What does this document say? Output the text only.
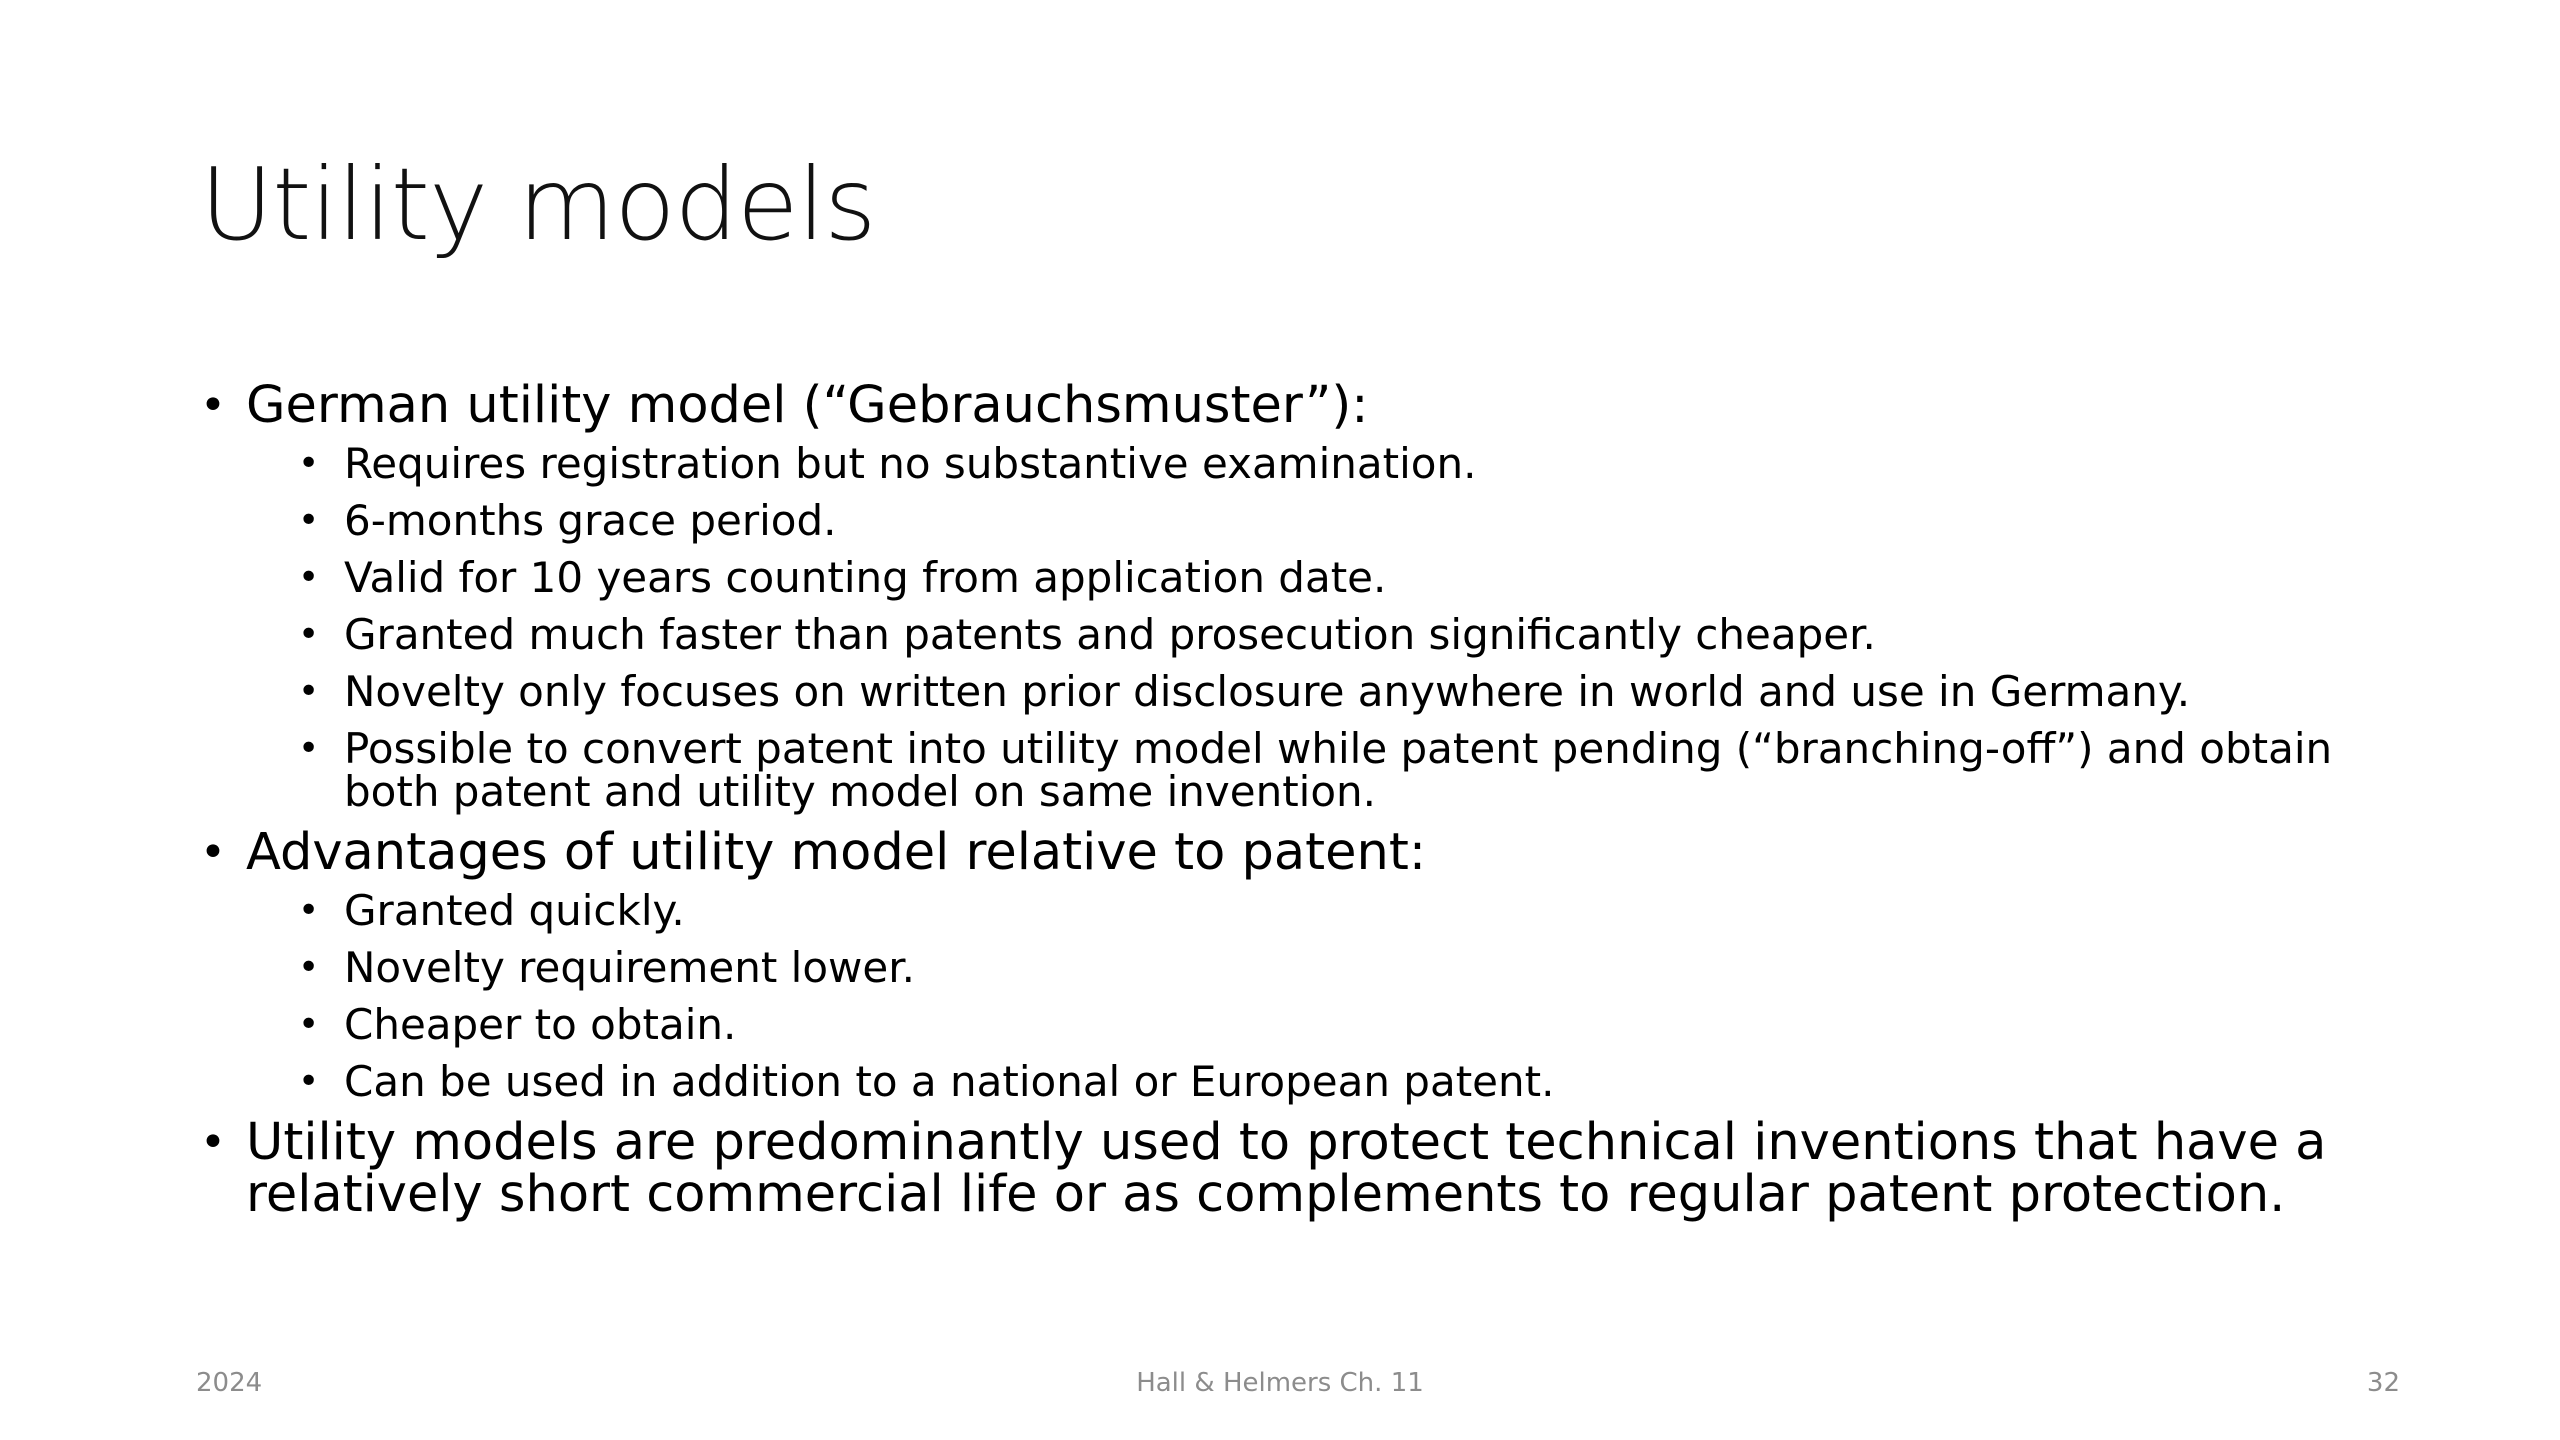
Utility models
• German utility model (“Gebrauchsmuster”):
• Requires registration but no substantive examination.
• 6-months grace period.
• Valid for 10 years counting from application date.
• Granted much faster than patents and prosecution significantly cheaper.
• Novelty only focuses on written prior disclosure anywhere in world and use in Germany.
• Possible to convert patent into utility model while patent pending (“branching-off”) and obtain both patent and utility model on same invention.
• Advantages of utility model relative to patent:
• Granted quickly.
• Novelty requirement lower.
• Cheaper to obtain.
• Can be used in addition to a national or European patent.
• Utility models are predominantly used to protect technical inventions that have a relatively short commercial life or as complements to regular patent protection.
2024	Hall & Helmers Ch. 11	32
